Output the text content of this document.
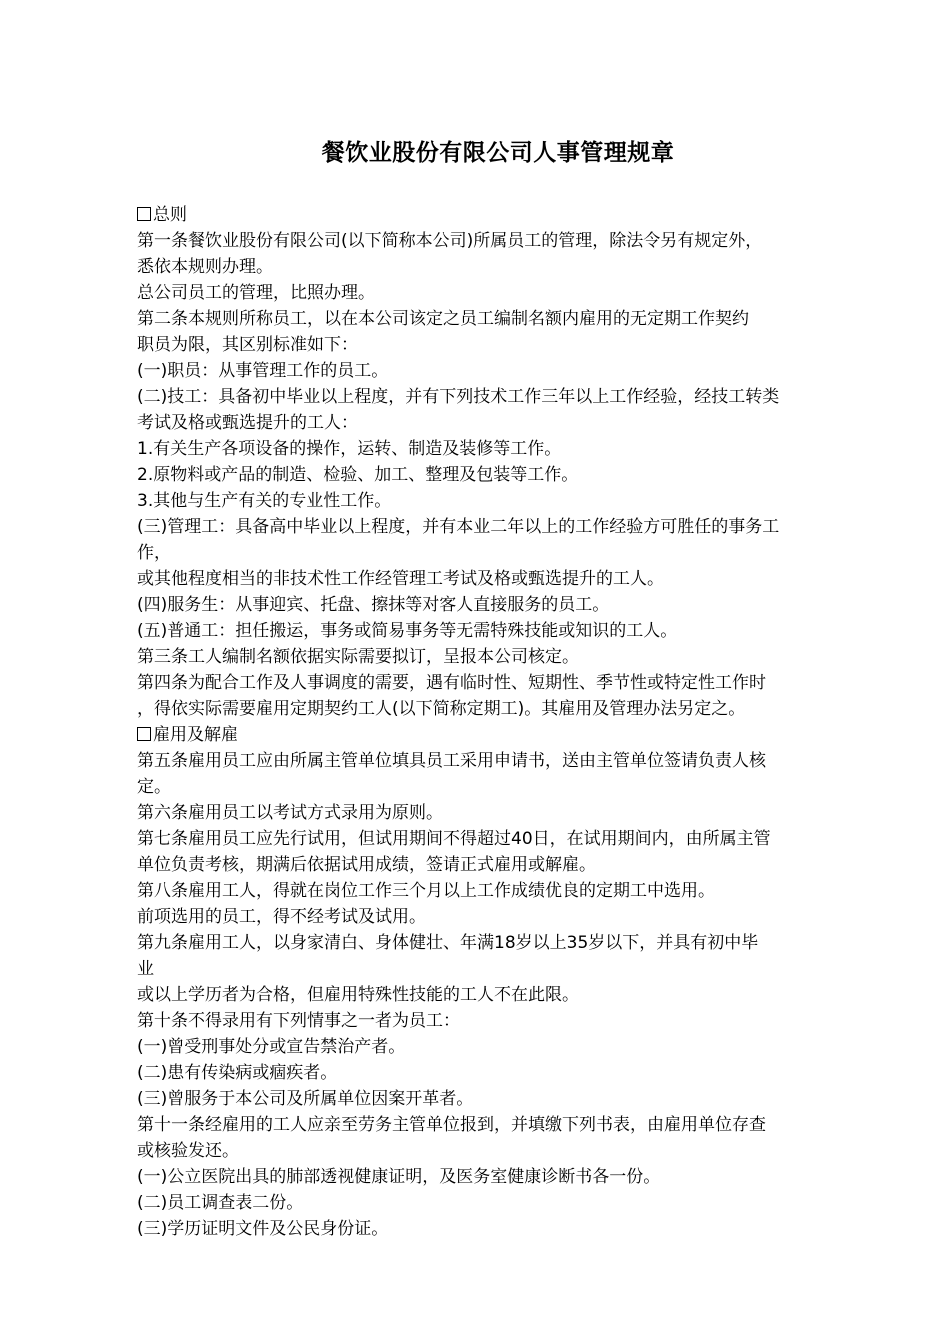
餐饮业股份有限公司人事管理规章
总则
第一条餐饮业股份有限公司(以下简称本公司)所属员工的管理，除法令另有规定外，
悉依本规则办理。
总公司员工的管理，比照办理。
第二条本规则所称员工，以在本公司该定之员工编制名额内雇用的无定期工作契约
职员为限，其区别标准如下：
(一)职员：从事管理工作的员工。
(二)技工：具备初中毕业以上程度，并有下列技术工作三年以上工作经验，经技工转类
考试及格或甄选提升的工人：
1.有关生产各项设备的操作，运转、制造及装修等工作。
2.原物料或产品的制造、检验、加工、整理及包装等工作。
3.其他与生产有关的专业性工作。
(三)管理工：具备高中毕业以上程度，并有本业二年以上的工作经验方可胜任的事务工
作，
或其他程度相当的非技术性工作经管理工考试及格或甄选提升的工人。
(四)服务生：从事迎宾、托盘、擦抹等对客人直接服务的员工。
(五)普通工：担任搬运，事务或简易事务等无需特殊技能或知识的工人。
第三条工人编制名额依据实际需要拟订，呈报本公司核定。
第四条为配合工作及人事调度的需要，遇有临时性、短期性、季节性或特定性工作时
，得依实际需要雇用定期契约工人(以下简称定期工)。其雇用及管理办法另定之。
雇用及解雇
第五条雇用员工应由所属主管单位填具员工采用申请书，送由主管单位签请负责人核
定。
第六条雇用员工以考试方式录用为原则。
第七条雇用员工应先行试用，但试用期间不得超过40日，在试用期间内，由所属主管
单位负责考核，期满后依据试用成绩，签请正式雇用或解雇。
第八条雇用工人，得就在岗位工作三个月以上工作成绩优良的定期工中选用。
前项选用的员工，得不经考试及试用。
第九条雇用工人，以身家清白、身体健壮、年满18岁以上35岁以下，并具有初中毕
业
或以上学历者为合格，但雇用特殊性技能的工人不在此限。
第十条不得录用有下列情事之一者为员工：
(一)曾受刑事处分或宣告禁治产者。
(二)患有传染病或痼疾者。
(三)曾服务于本公司及所属单位因案开革者。
第十一条经雇用的工人应亲至劳务主管单位报到，并填缴下列书表，由雇用单位存查
或核验发还。
(一)公立医院出具的肺部透视健康证明，及医务室健康诊断书各一份。
(二)员工调查表二份。
(三)学历证明文件及公民身份证。
